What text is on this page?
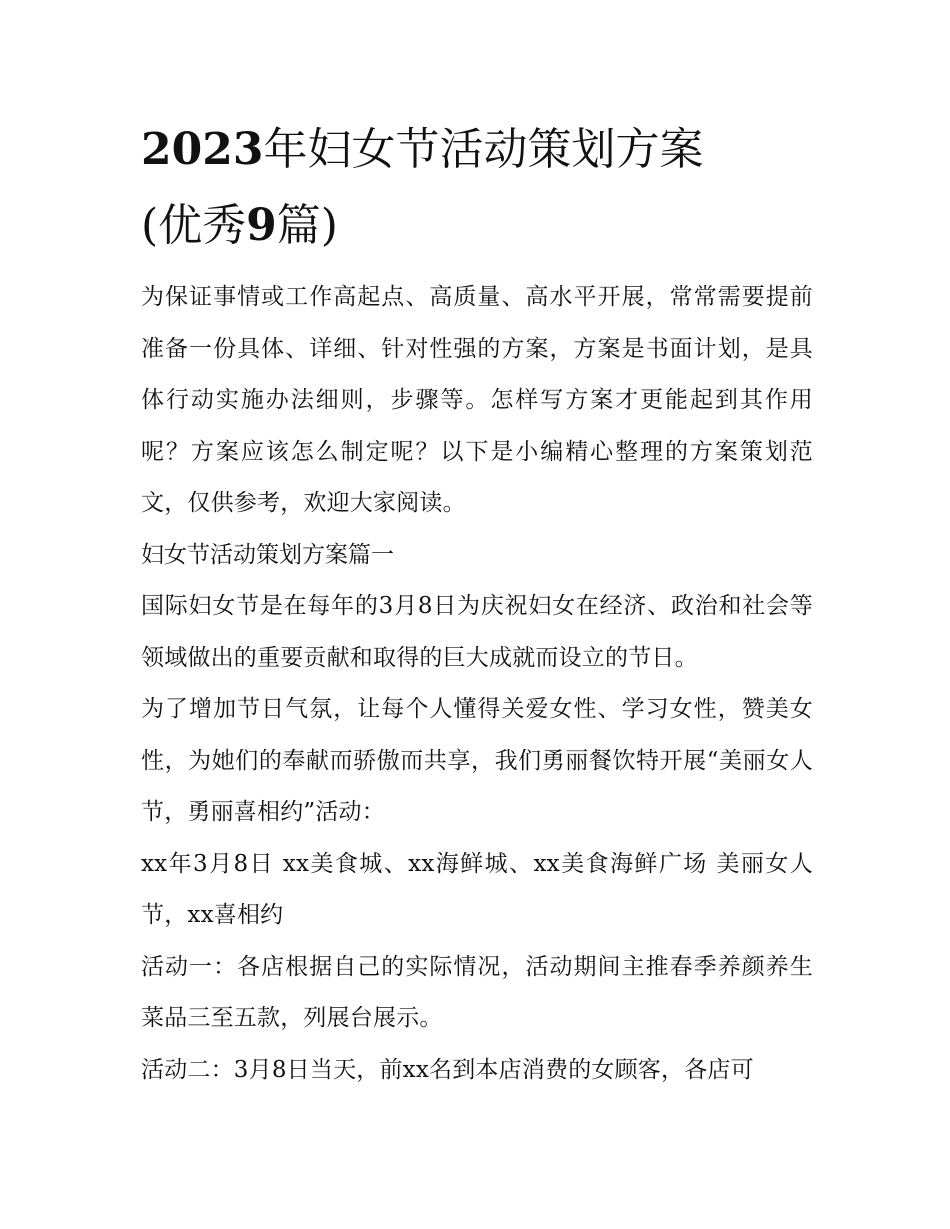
2023年妇女节活动策划方案
(优秀9篇)

为保证事情或工作高起点、高质量、高水平开展，常常需要提前准备一份具体、详细、针对性强的方案，方案是书面计划，是具体行动实施办法细则，步骤等。怎样写方案才更能起到其作用呢？方案应该怎么制定呢？以下是小编精心整理的方案策划范文，仅供参考，欢迎大家阅读。

妇女节活动策划方案篇一

国际妇女节是在每年的3月8日为庆祝妇女在经济、政治和社会等领域做出的重要贡献和取得的巨大成就而设立的节日。

为了增加节日气氛，让每个人懂得关爱女性、学习女性，赞美女性，为她们的奉献而骄傲而共享，我们勇丽餐饮特开展“美丽女人节，勇丽喜相约”活动：

xx年3月8日 xx美食城、xx海鲜城、xx美食海鲜广场 美丽女人节，xx喜相约

活动一：各店根据自己的实际情况，活动期间主推春季养颜养生菜品三至五款，列展台展示。

活动二：3月8日当天，前xx名到本店消费的女顾客，各店可
